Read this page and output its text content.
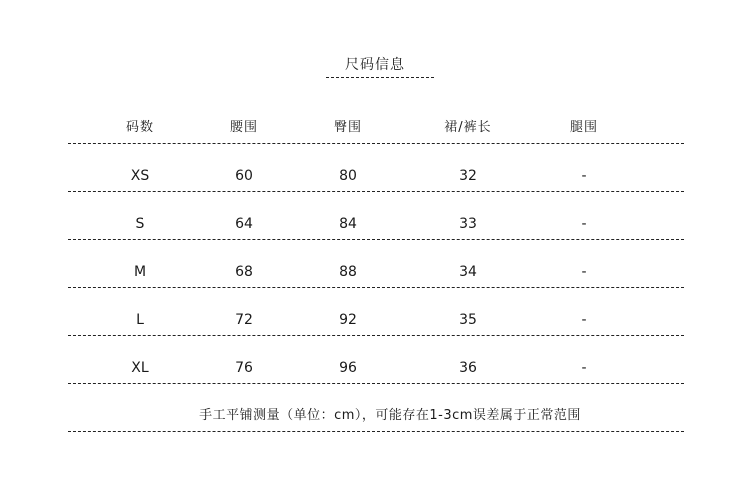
尺码信息
码数	腰围	臀围	裙/裤长	腿围
XS	60	80	32	-
S	64	84	33	-
M	68	88	34	-
L	72	92	35	-
XL	76	96	36	-
手工平铺测量（单位：cm），可能存在1-3cm误差属于正常范围
